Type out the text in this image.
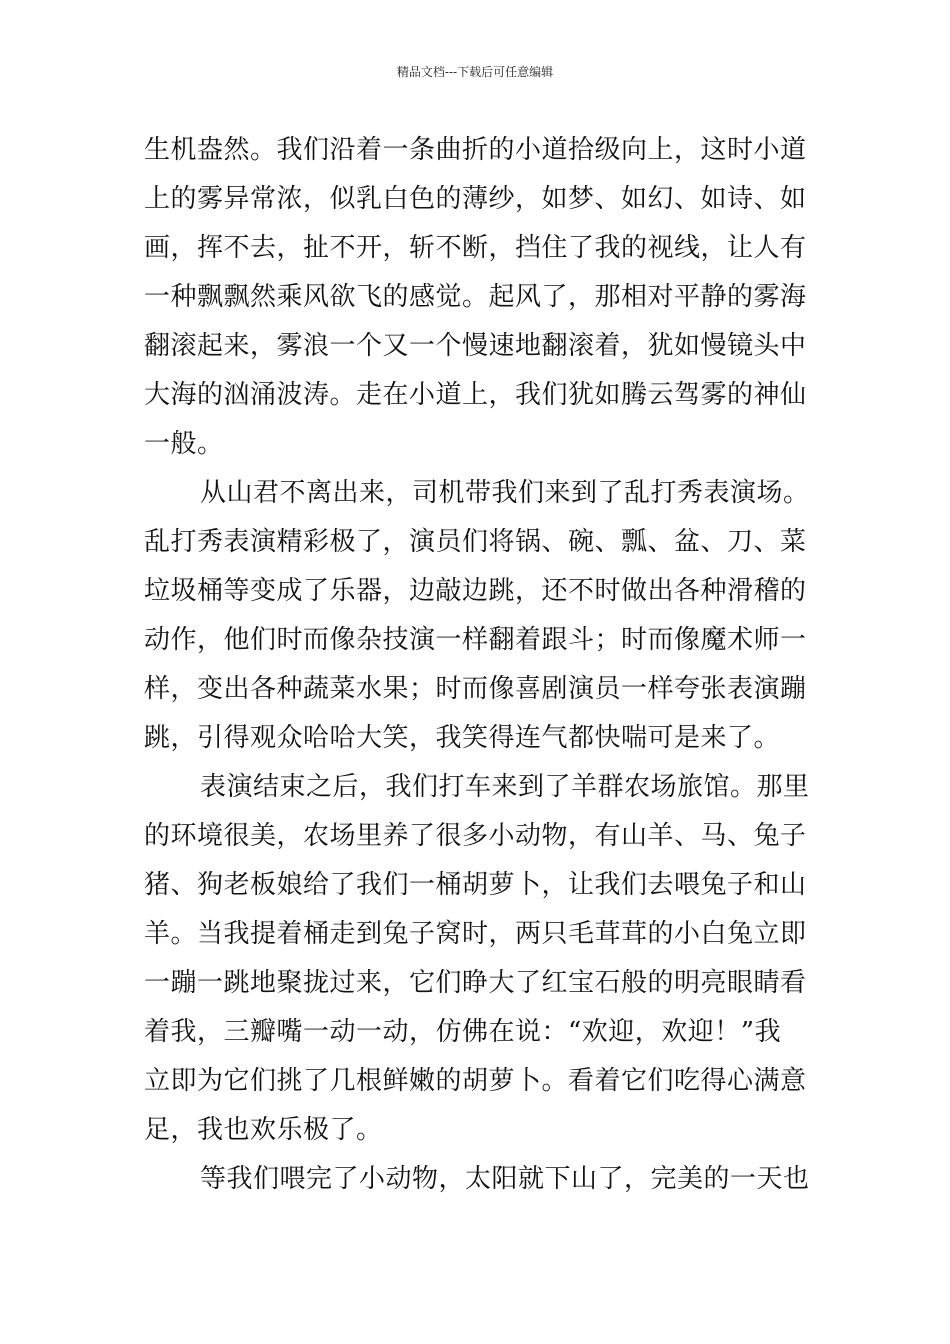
精品文档---下载后可任意编辑
生机盎然。我们沿着一条曲折的小道拾级向上，这时小道
上的雾异常浓，似乳白色的薄纱，如梦、如幻、如诗、如
画，挥不去，扯不开，斩不断，挡住了我的视线，让人有
一种飘飘然乘风欲飞的感觉。起风了，那相对平静的雾海
翻滚起来，雾浪一个又一个慢速地翻滚着，犹如慢镜头中
大海的汹涌波涛。走在小道上，我们犹如腾云驾雾的神仙
一般。
从山君不离出来，司机带我们来到了乱打秀表演场。
乱打秀表演精彩极了，演员们将锅、碗、瓢、盆、刀、菜
垃圾桶等变成了乐器，边敲边跳，还不时做出各种滑稽的
动作，他们时而像杂技演一样翻着跟斗；时而像魔术师一
样，变出各种蔬菜水果；时而像喜剧演员一样夸张表演蹦
跳，引得观众哈哈大笑，我笑得连气都快喘可是来了。
表演结束之后，我们打车来到了羊群农场旅馆。那里
的环境很美，农场里养了很多小动物，有山羊、马、兔子
猪、狗老板娘给了我们一桶胡萝卜，让我们去喂兔子和山
羊。当我提着桶走到兔子窝时，两只毛茸茸的小白兔立即
一蹦一跳地聚拢过来，它们睁大了红宝石般的明亮眼睛看
着我，三瓣嘴一动一动，仿佛在说：“欢迎，欢迎！”我
立即为它们挑了几根鲜嫩的胡萝卜。看着它们吃得心满意
足，我也欢乐极了。
等我们喂完了小动物，太阳就下山了，完美的一天也
